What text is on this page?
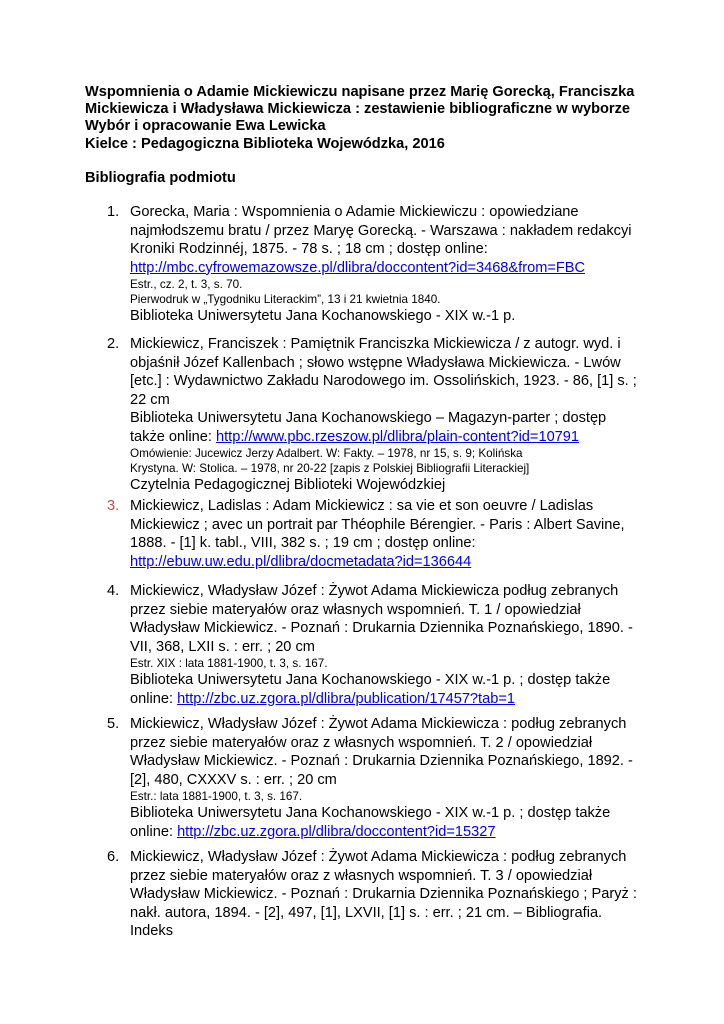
Wspomnienia o Adamie Mickiewiczu napisane przez Marię Gorecką, Franciszka
Mickiewicza i Władysława Mickiewicza : zestawienie bibliograficzne w wyborze
Wybór i opracowanie Ewa Lewicka
Kielce : Pedagogiczna Biblioteka Wojewódzka, 2016
Bibliografia podmiotu
1. Gorecka, Maria : Wspomnienia o Adamie Mickiewiczu : opowiedziane
najmłodszemu bratu / przez Maryę Gorecką. - Warszawa : nakładem redakcyi
Kroniki Rodzinnéj, 1875. - 78 s. ; 18 cm ; dostęp online:
http://mbc.cyfrowemazowsze.pl/dlibra/doccontent?id=3468&from=FBC
Estr., cz. 2, t. 3, s. 70.
Pierwodruk w „Tygodniku Literackim”, 13 i 21 kwietnia 1840.
Biblioteka Uniwersytetu Jana Kochanowskiego - XIX w.-1 p.
2. Mickiewicz, Franciszek : Pamiętnik Franciszka Mickiewicza / z autogr. wyd. i
objaśnił Józef Kallenbach ; słowo wstępne Władysława Mickiewicza. - Lwów
[etc.] : Wydawnictwo Zakładu Narodowego im. Ossolińskich, 1923. - 86, [1] s. ;
22 cm
Biblioteka Uniwersytetu Jana Kochanowskiego – Magazyn-parter ; dostęp
także online: http://www.pbc.rzeszow.pl/dlibra/plain-content?id=10791
Omówienie: Jucewicz Jerzy Adalbert. W: Fakty. – 1978, nr 15, s. 9; Kolińska
Krystyna. W: Stolica. – 1978, nr 20-22 [zapis z Polskiej Bibliografii Literackiej]
Czytelnia Pedagogicznej Biblioteki Wojewódzkiej
3. Mickiewicz, Ladislas : Adam Mickiewicz : sa vie et son oeuvre / Ladislas
Mickiewicz ; avec un portrait par Théophile Bérengier. - Paris : Albert Savine,
1888. - [1] k. tabl., VIII, 382 s. ; 19 cm ; dostęp online:
http://ebuw.uw.edu.pl/dlibra/docmetadata?id=136644
4. Mickiewicz, Władysław Józef : Żywot Adama Mickiewicza podług zebranych
przez siebie materyałów oraz własnych wspomnień. T. 1 / opowiedział
Władysław Mickiewicz. - Poznań : Drukarnia Dziennika Poznańskiego, 1890. -
VII, 368, LXII s. : err. ; 20 cm
Estr. XIX : lata 1881-1900, t. 3, s. 167.
Biblioteka Uniwersytetu Jana Kochanowskiego - XIX w.-1 p. ; dostęp także
online: http://zbc.uz.zgora.pl/dlibra/publication/17457?tab=1
5. Mickiewicz, Władysław Józef : Żywot Adama Mickiewicza : podług zebranych
przez siebie materyałów oraz z własnych wspomnień. T. 2 / opowiedział
Władysław Mickiewicz. - Poznań : Drukarnia Dziennika Poznańskiego, 1892. -
[2], 480, CXXXV s. : err. ; 20 cm
Estr.: lata 1881-1900, t. 3, s. 167.
Biblioteka Uniwersytetu Jana Kochanowskiego - XIX w.-1 p. ; dostęp także
online: http://zbc.uz.zgora.pl/dlibra/doccontent?id=15327
6. Mickiewicz, Władysław Józef : Żywot Adama Mickiewicza : podług zebranych
przez siebie materyałów oraz z własnych wspomnień. T. 3 / opowiedział
Władysław Mickiewicz. - Poznań : Drukarnia Dziennika Poznańskiego ; Paryż :
nakł. autora, 1894. - [2], 497, [1], LXVII, [1] s. : err. ; 21 cm. – Bibliografia.
Indeks
